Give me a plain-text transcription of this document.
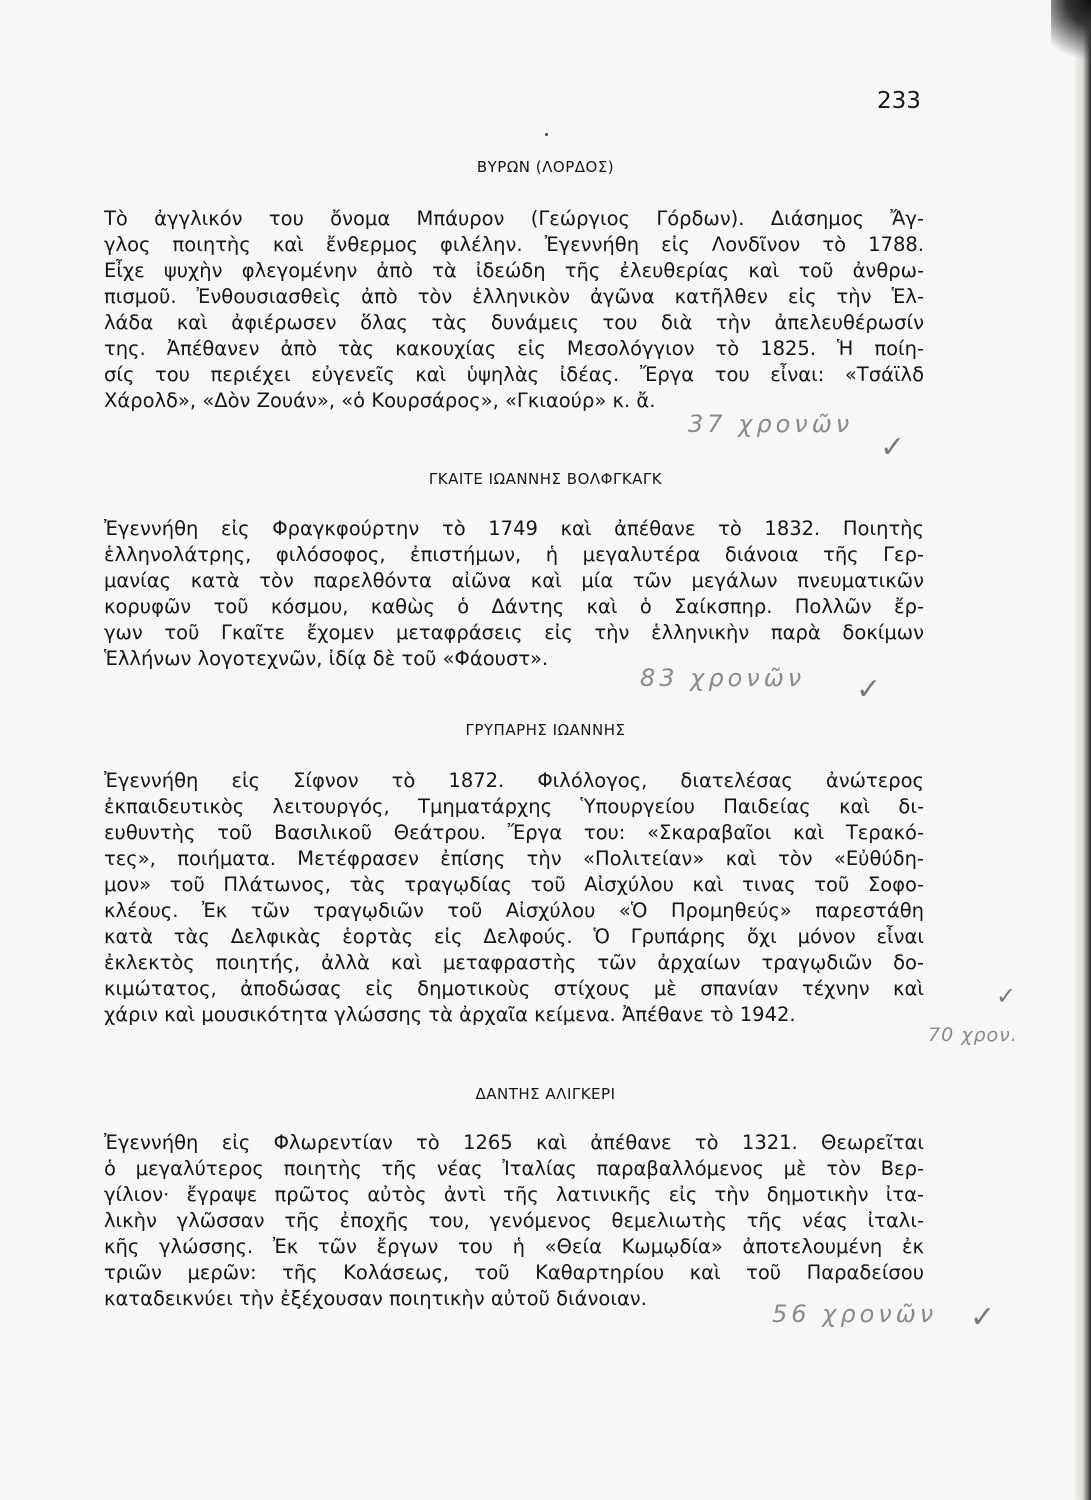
233
ΒΥΡΩΝ (ΛΟΡΔΟΣ)
Τὸ ἀγγλικόν του ὄνομα Μπάυρον (Γεώργιος Γόρδων). Διάσημος Ἄγ-
γλος ποιητὴς καὶ ἔνθερμος φιλέλην. Ἐγεννήθη εἰς Λονδῖνον τὸ 1788.
Εἶχε ψυχὴν φλεγομένην ἀπὸ τὰ ἰδεώδη τῆς ἐλευθερίας καὶ τοῦ ἀνθρω-
πισμοῦ. Ἐνθουσιασθεὶς ἀπὸ τὸν ἑλληνικὸν ἀγῶνα κατῆλθεν εἰς τὴν Ἑλ-
λάδα καὶ ἀφιέρωσεν ὅλας τὰς δυνάμεις του διὰ τὴν ἀπελευθέρωσίν
της. Ἀπέθανεν ἀπὸ τὰς κακουχίας εἰς Μεσολόγγιον τὸ 1825. Ἡ ποίη-
σίς του περιέχει εὐγενεῖς καὶ ὑψηλὰς ἰδέας. Ἔργα του εἶναι: «Τσάϊλδ
Χάρολδ», «Δὸν Ζουάν», «ὁ Κουρσάρος», «Γκιαούρ» κ. ἄ.
37 χρονῶν
✓
ΓΚΑΙΤΕ ΙΩΑΝΝΗΣ ΒΟΛΦΓΚΑΓΚ
Ἐγεννήθη εἰς Φραγκφούρτην τὸ 1749 καὶ ἀπέθανε τὸ 1832. Ποιητὴς
ἑλληνολάτρης, φιλόσοφος, ἐπιστήμων, ἡ μεγαλυτέρα διάνοια τῆς Γερ-
μανίας κατὰ τὸν παρελθόντα αἰῶνα καὶ μία τῶν μεγάλων πνευματικῶν
κορυφῶν τοῦ κόσμου, καθὼς ὁ Δάντης καὶ ὁ Σαίκσπηρ. Πολλῶν ἔρ-
γων τοῦ Γκαῖτε ἔχομεν μεταφράσεις εἰς τὴν ἑλληνικὴν παρὰ δοκίμων
Ἑλλήνων λογοτεχνῶν, ἰδίᾳ δὲ τοῦ «Φάουστ».
83 χρονῶν ✓
ΓΡΥΠΑΡΗΣ ΙΩΑΝΝΗΣ
Ἐγεννήθη εἰς Σίφνον τὸ 1872. Φιλόλογος, διατελέσας ἀνώτερος
ἐκπαιδευτικὸς λειτουργός, Τμηματάρχης Ὑπουργείου Παιδείας καὶ δι-
ευθυντὴς τοῦ Βασιλικοῦ Θεάτρου. Ἔργα του: «Σκαραβαῖοι καὶ Τερακό-
τες», ποιήματα. Μετέφρασεν ἐπίσης τὴν «Πολιτείαν» καὶ τὸν «Εὐθύδη-
μον» τοῦ Πλάτωνος, τὰς τραγῳδίας τοῦ Αἰσχύλου καὶ τινας τοῦ Σοφο-
κλέους. Ἐκ τῶν τραγῳδιῶν τοῦ Αἰσχύλου «Ὁ Προμηθεύς» παρεστάθη
κατὰ τὰς Δελφικὰς ἑορτὰς εἰς Δελφούς. Ὁ Γρυπάρης ὄχι μόνον εἶναι
ἐκλεκτὸς ποιητής, ἀλλὰ καὶ μεταφραστὴς τῶν ἀρχαίων τραγῳδιῶν δο-
κιμώτατος, ἀποδώσας εἰς δημοτικοὺς στίχους μὲ σπανίαν τέχνην καὶ
χάριν καὶ μουσικότητα γλώσσης τὰ ἀρχαῖα κείμενα. Ἀπέθανε τὸ 1942.
70 χρον.
✓
ΔΑΝΤΗΣ ΑΛΙΓΚΕΡΙ
Ἐγεννήθη εἰς Φλωρεντίαν τὸ 1265 καὶ ἀπέθανε τὸ 1321. Θεωρεῖται
ὁ μεγαλύτερος ποιητὴς τῆς νέας Ἰταλίας παραβαλλόμενος μὲ τὸν Βερ-
γίλιον· ἔγραψε πρῶτος αὐτὸς ἀντὶ τῆς λατινικῆς εἰς τὴν δημοτικὴν ἰτα-
λικὴν γλῶσσαν τῆς ἐποχῆς του, γενόμενος θεμελιωτὴς τῆς νέας ἰταλι-
κῆς γλώσσης. Ἐκ τῶν ἔργων του ἡ «Θεία Κωμῳδία» ἀποτελουμένη ἐκ
τριῶν μερῶν: τῆς Κολάσεως, τοῦ Καθαρτηρίου καὶ τοῦ Παραδείσου
καταδεικνύει τὴν ἐξέχουσαν ποιητικὴν αὐτοῦ διάνοιαν.
56 χρονῶν ✓
